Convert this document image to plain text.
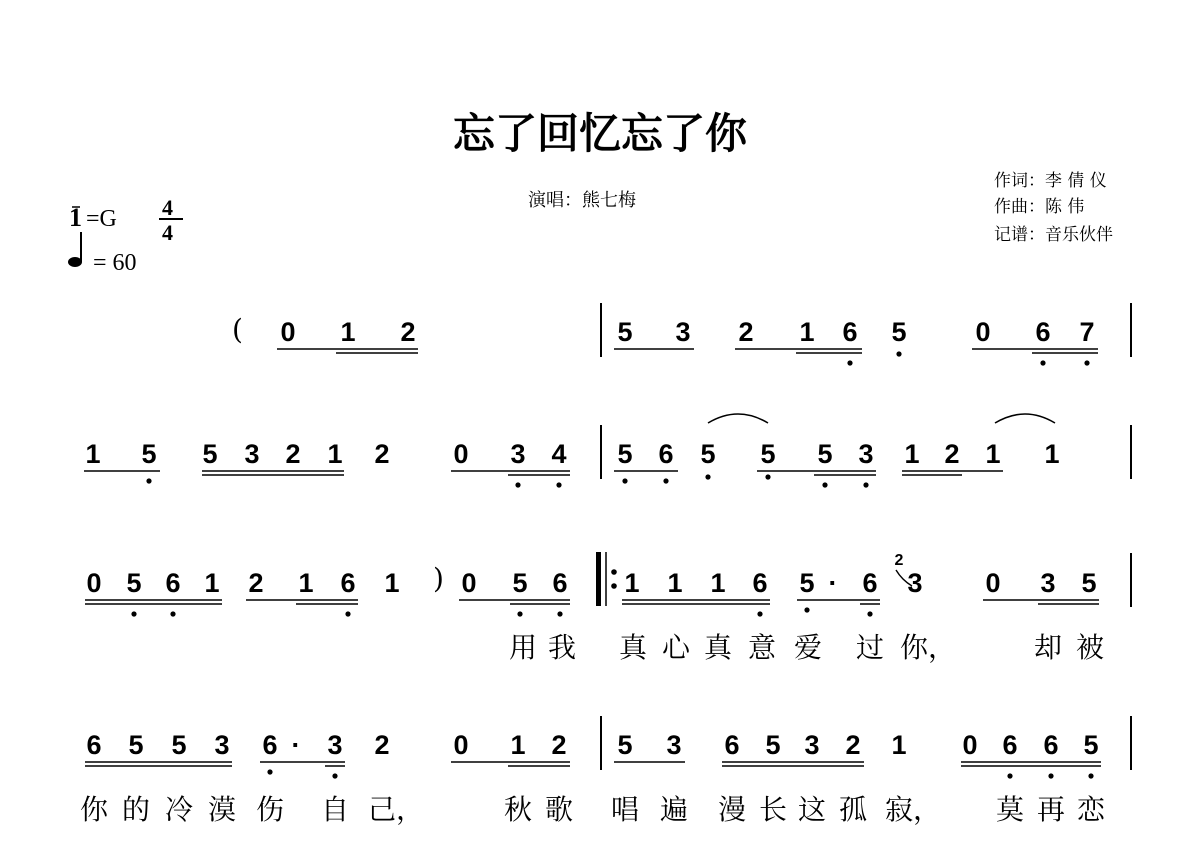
忘了回忆忘了你
演唱：熊七梅
作词：李 倩 仪
作曲：陈 伟
记谱：音乐伙伴
1 =G 4
4
= 60
( 0 1 2	5 3 2 1 6 5	0 6 7
1 5 5 3 2 1 2 0 3 4 5 6 5 5 5 3 1 2 1 1
0 5 6 1 2 1 6 1 ) 0 5 6 1 1 1 6 5 · 6
2
3 0 3 5
用 我 真 心 真 意 爱 过 你，	却 被
6 5 5 3 6 · 3 2 0 1 2 5 3 6 5 3 2 1 0 6 6 5
你 的 冷 漠 伤 自 己，	秋 歌 唱 遍 漫 长 这 孤 寂， 莫 再 恋
